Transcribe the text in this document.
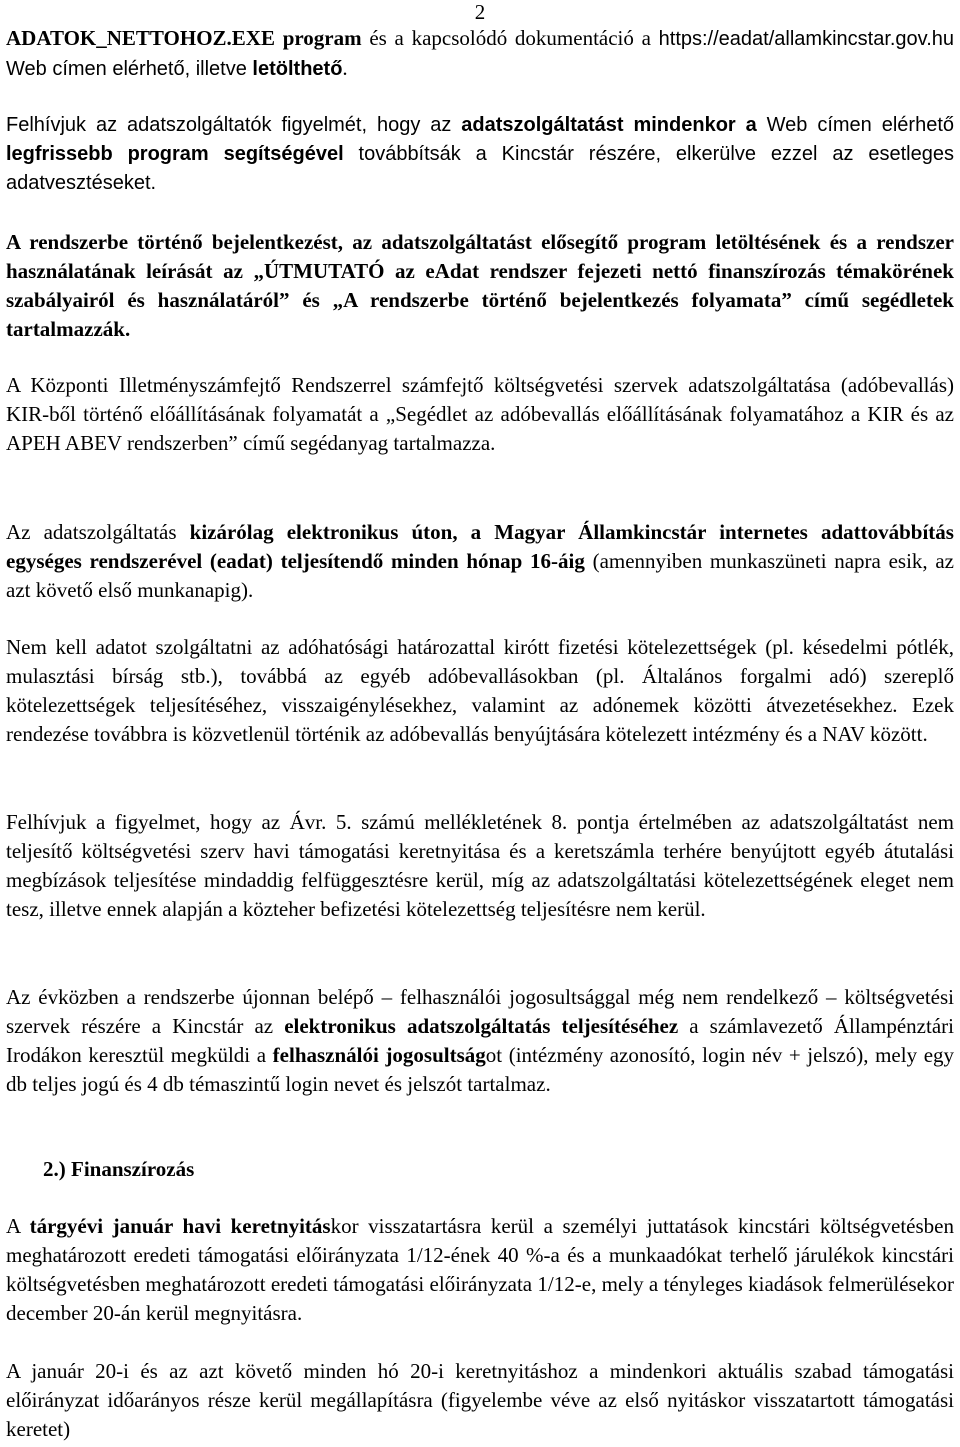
2

ADATOK_NETTOHOZ.EXE program és a kapcsolódó dokumentáció a https://eadat/allamkincstar.gov.hu Web címen elérhető, illetve letölthető.

Felhívjuk az adatszolgáltatók figyelmét, hogy az adatszolgáltatást mindenkor a Web címen elérhető legfrissebb program segítségével továbbítsák a Kincstár részére, elkerülve ezzel az esetleges adatvesztéseket.

A rendszerbe történő bejelentkezést, az adatszolgáltatást elősegítő program letöltésének és a rendszer használatának leírását az „ÚTMUTATÓ az eAdat rendszer fejezeti nettó finanszírozás témakörének szabályairól és használatáról” és „A rendszerbe történő bejelentkezés folyamata” című segédletek tartalmazzák.

A Központi Illetményszámfejtő Rendszerrel számfejtő költségvetési szervek adatszolgáltatása (adóbevallás) KIR-ből történő előállításának folyamatát a „Segédlet az adóbevallás előállításának folyamatához a KIR és az APEH ABEV rendszerben” című segédanyag tartalmazza.

Az adatszolgáltatás kizárólag elektronikus úton, a Magyar Államkincstár internetes adattovábbítás egységes rendszerével (eadat) teljesítendő minden hónap 16-áig (amennyiben munkaszüneti napra esik, az azt követő első munkanapig).

Nem kell adatot szolgáltatni az adóhatósági határozattal kirótt fizetési kötelezettségek (pl. késedelmi pótlék, mulasztási bírság stb.), továbbá az egyéb adóbevallásokban (pl. Általános forgalmi adó) szereplő kötelezettségek teljesítéséhez, visszaigénylésekhez, valamint az adónemek közötti átvezetésekhez. Ezek rendezése továbbra is közvetlenül történik az adóbevallás benyújtására kötelezett intézmény és a NAV között.

Felhívjuk a figyelmet, hogy az Ávr. 5. számú mellékletének 8. pontja értelmében az adatszolgáltatást nem teljesítő költségvetési szerv havi támogatási keretnyitása és a keretszámla terhére benyújtott egyéb átutalási megbízások teljesítése mindaddig felfüggesztésre kerül, míg az adatszolgáltatási kötelezettségének eleget nem tesz, illetve ennek alapján a közteher befizetési kötelezettség teljesítésre nem kerül.

Az évközben a rendszerbe újonnan belépő – felhasználói jogosultsággal még nem rendelkező – költségvetési szervek részére a Kincstár az elektronikus adatszolgáltatás teljesítéséhez a számlavezető Állampénztári Irodákon keresztül megküldi a felhasználói jogosultságot (intézmény azonosító, login név + jelszó), mely egy db teljes jogú és 4 db témaszintű login nevet és jelszót tartalmaz.

2.) Finanszírozás

A tárgyévi január havi keretnyitáskor visszatartásra kerül a személyi juttatások kincstári költségvetésben meghatározott eredeti támogatási előirányzata 1/12-ének 40 %-a és a munkaadókat terhelő járulékok kincstári költségvetésben meghatározott eredeti támogatási előirányzata 1/12-e, mely a tényleges kiadások felmerülésekor december 20-án kerül megnyitásra.

A január 20-i és az azt követő minden hó 20-i keretnyitáshoz a mindenkori aktuális szabad támogatási előirányzat időarányos része kerül megállapításra (figyelembe véve az első nyitáskor visszatartott támogatási keretet)
